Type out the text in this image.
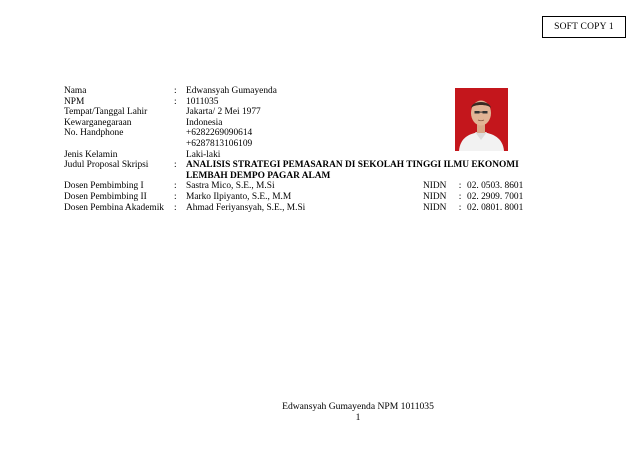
SOFT COPY 1
Nama	: Edwansyah Gumayenda
NPM	: 1011035
Tempat/Tanggal Lahir	Jakarta/ 2 Mei 1977
Kewarganegaraan	Indonesia
No. Handphone	+6282269090614
+6287813106109
Jenis Kelamin	Laki-laki
Judul Proposal Skripsi	: ANALISIS STRATEGI PEMASARAN DI SEKOLAH TINGGI ILMU EKONOMI
LEMBAH DEMPO PAGAR ALAM
Dosen Pembimbing I	: Sastra Mico, S.E., M.Si	NIDN	: 02. 0503. 8601
Dosen Pembimbing II	: Marko Ilpiyanto, S.E., M.M	NIDN	: 02. 2909. 7001
Dosen Pembina Akademik	: Ahmad Feriyansyah, S.E., M.Si	NIDN	: 02. 0801. 8001
Edwansyah Gumayenda NPM 1011035
1
